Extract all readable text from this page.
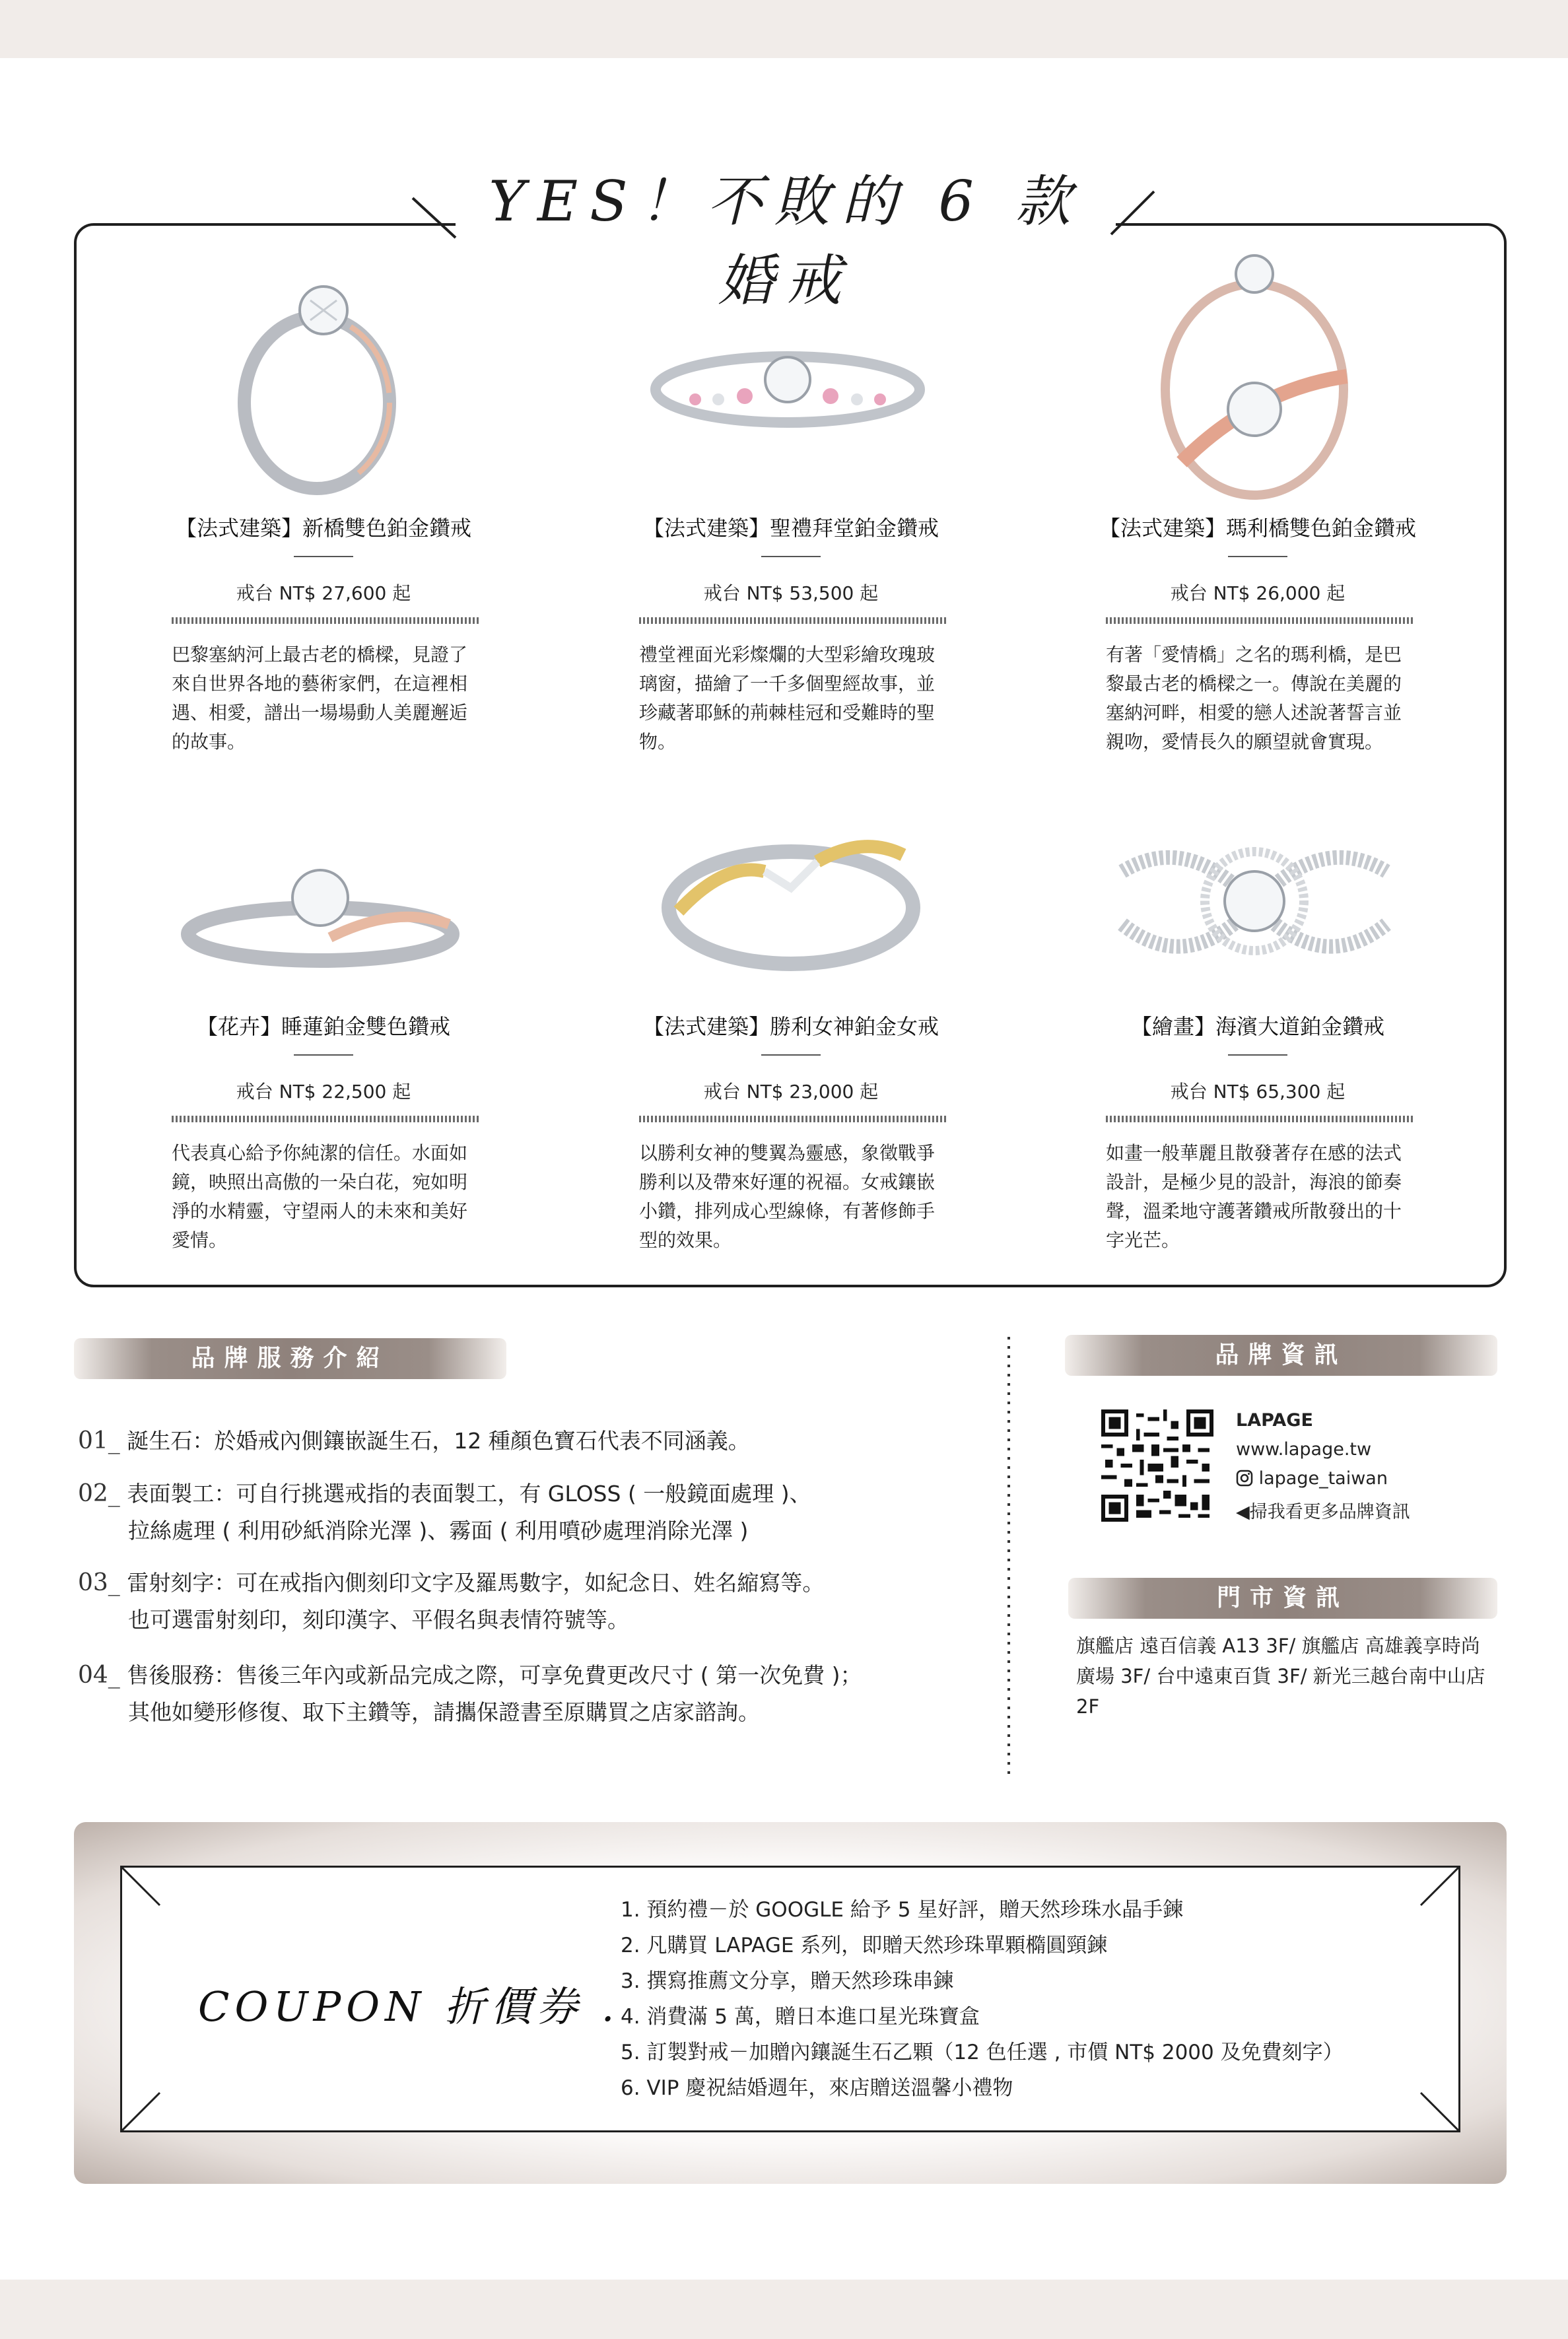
YES！不敗的 6 款婚戒
【法式建築】新橋雙色鉑金鑽戒
戒台 NT$ 27,600 起
巴黎塞納河上最古老的橋樑，見證了來自世界各地的藝術家們，在這裡相遇、相愛，譜出一場場動人美麗邂逅的故事。
【法式建築】聖禮拜堂鉑金鑽戒
戒台 NT$ 53,500 起
禮堂裡面光彩燦爛的大型彩繪玫瑰玻璃窗，描繪了一千多個聖經故事，並珍藏著耶穌的荊棘桂冠和受難時的聖物。
【法式建築】瑪利橋雙色鉑金鑽戒
戒台 NT$ 26,000 起
有著「愛情橋」之名的瑪利橋，是巴黎最古老的橋樑之一。傳說在美麗的塞納河畔，相愛的戀人述說著誓言並親吻，愛情長久的願望就會實現。
【花卉】睡蓮鉑金雙色鑽戒
戒台 NT$ 22,500 起
代表真心給予你純潔的信任。水面如鏡，映照出高傲的一朵白花，宛如明淨的水精靈，守望兩人的未來和美好愛情。
【法式建築】勝利女神鉑金女戒
戒台 NT$ 23,000 起
以勝利女神的雙翼為靈感，象徵戰爭勝利以及帶來好運的祝福。女戒鑲嵌小鑽，排列成心型線條，有著修飾手型的效果。
【繪畫】海濱大道鉑金鑽戒
戒台 NT$ 65,300 起
如畫一般華麗且散發著存在感的法式設計，是極少見的設計，海浪的節奏聲，溫柔地守護著鑽戒所散發出的十字光芒。
品牌服務介紹
01_ 誕生石：於婚戒內側鑲嵌誕生石，12 種顏色寶石代表不同涵義。
02_ 表面製工：可自行挑選戒指的表面製工，有 GLOSS ( 一般鏡面處理 )、
拉絲處理 ( 利用砂紙消除光澤 )、霧面 ( 利用噴砂處理消除光澤 )
03_ 雷射刻字：可在戒指內側刻印文字及羅馬數字，如紀念日、姓名縮寫等。
也可選雷射刻印，刻印漢字、平假名與表情符號等。
04_ 售後服務：售後三年內或新品完成之際，可享免費更改尺寸 ( 第一次免費 )；
其他如變形修復、取下主鑽等，請攜保證書至原購買之店家諮詢。
品牌資訊
LAPAGE
www.lapage.tw
lapage_taiwan
◀掃我看更多品牌資訊
門市資訊
旗艦店 遠百信義 A13 3F/ 旗艦店 高雄義享時尚廣場 3F/ 台中遠東百貨 3F/ 新光三越台南中山店 2F
COUPON 折價券 .
1. 預約禮－於 GOOGLE 給予 5 星好評，贈天然珍珠水晶手鍊
2. 凡購買 LAPAGE 系列，即贈天然珍珠單顆橢圓頸鍊
3. 撰寫推薦文分享，贈天然珍珠串鍊
4. 消費滿 5 萬，贈日本進口星光珠寶盒
5. 訂製對戒－加贈內鑲誕生石乙顆（12 色任選 , 市價 NT$ 2000 及免費刻字）
6. VIP 慶祝結婚週年，來店贈送溫馨小禮物
